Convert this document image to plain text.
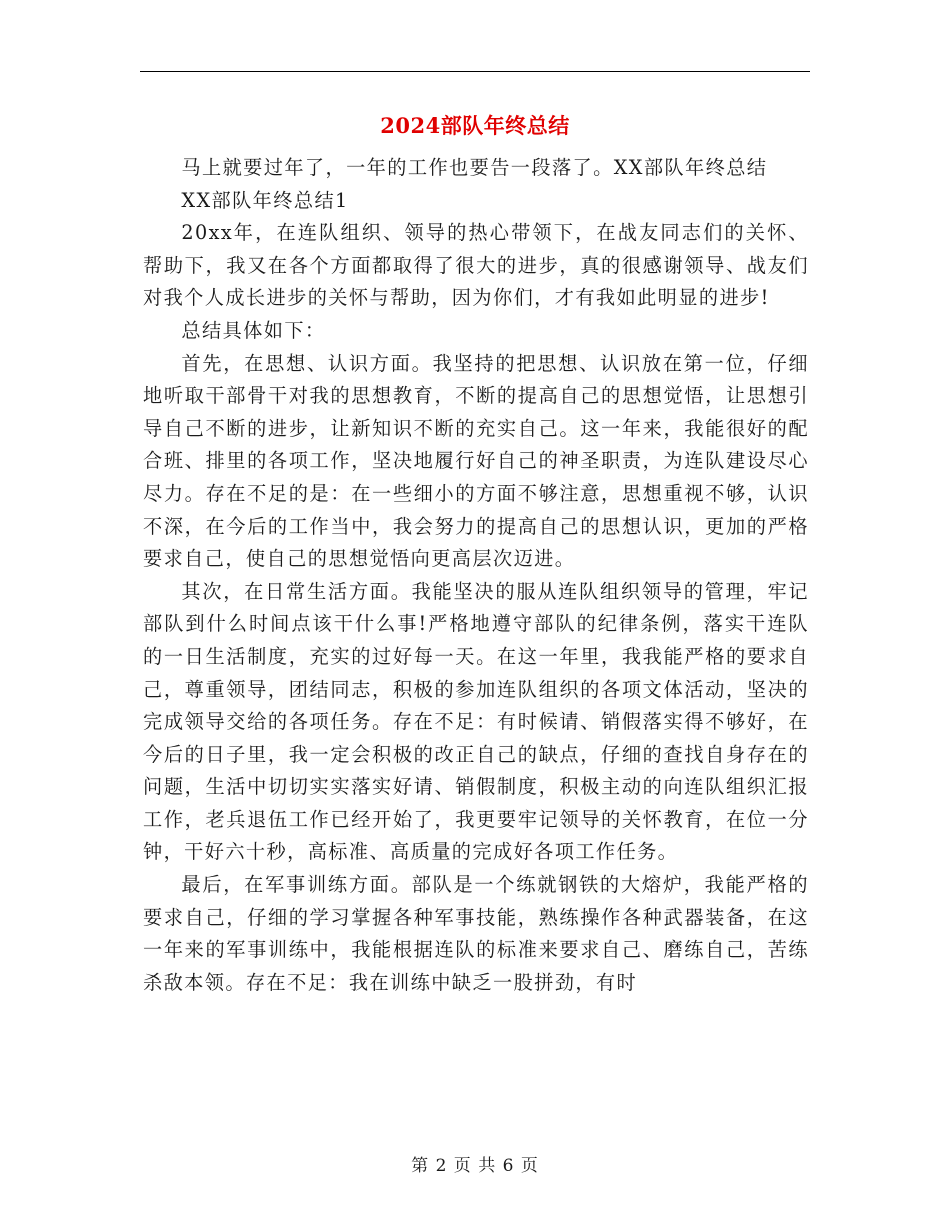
2024部队年终总结

马上就要过年了，一年的工作也要告一段落了。XX部队年终总结

XX部队年终总结1

20xx年，在连队组织、领导的热心带领下，在战友同志们的关怀、帮助下，我又在各个方面都取得了很大的进步，真的很感谢领导、战友们对我个人成长进步的关怀与帮助，因为你们，才有我如此明显的进步!

总结具体如下：

首先，在思想、认识方面。我坚持的把思想、认识放在第一位，仔细地听取干部骨干对我的思想教育，不断的提高自己的思想觉悟，让思想引导自己不断的进步，让新知识不断的充实自己。这一年来，我能很好的配合班、排里的各项工作，坚决地履行好自己的神圣职责，为连队建设尽心尽力。存在不足的是：在一些细小的方面不够注意，思想重视不够，认识不深，在今后的工作当中，我会努力的提高自己的思想认识，更加的严格要求自己，使自己的思想觉悟向更高层次迈进。

其次，在日常生活方面。我能坚决的服从连队组织领导的管理，牢记部队到什么时间点该干什么事!严格地遵守部队的纪律条例，落实干连队的一日生活制度，充实的过好每一天。在这一年里，我我能严格的要求自己，尊重领导，团结同志，积极的参加连队组织的各项文体活动，坚决的完成领导交给的各项任务。存在不足：有时候请、销假落实得不够好，在今后的日子里，我一定会积极的改正自己的缺点，仔细的查找自身存在的问题，生活中切切实实落实好请、销假制度，积极主动的向连队组织汇报工作，老兵退伍工作已经开始了，我更要牢记领导的关怀教育，在位一分钟，干好六十秒，高标准、高质量的完成好各项工作任务。

最后，在军事训练方面。部队是一个练就钢铁的大熔炉，我能严格的要求自己，仔细的学习掌握各种军事技能，熟练操作各种武器装备，在这一年来的军事训练中，我能根据连队的标准来要求自己、磨练自己，苦练杀敌本领。存在不足：我在训练中缺乏一股拼劲，有时

第 2 页 共 6 页
